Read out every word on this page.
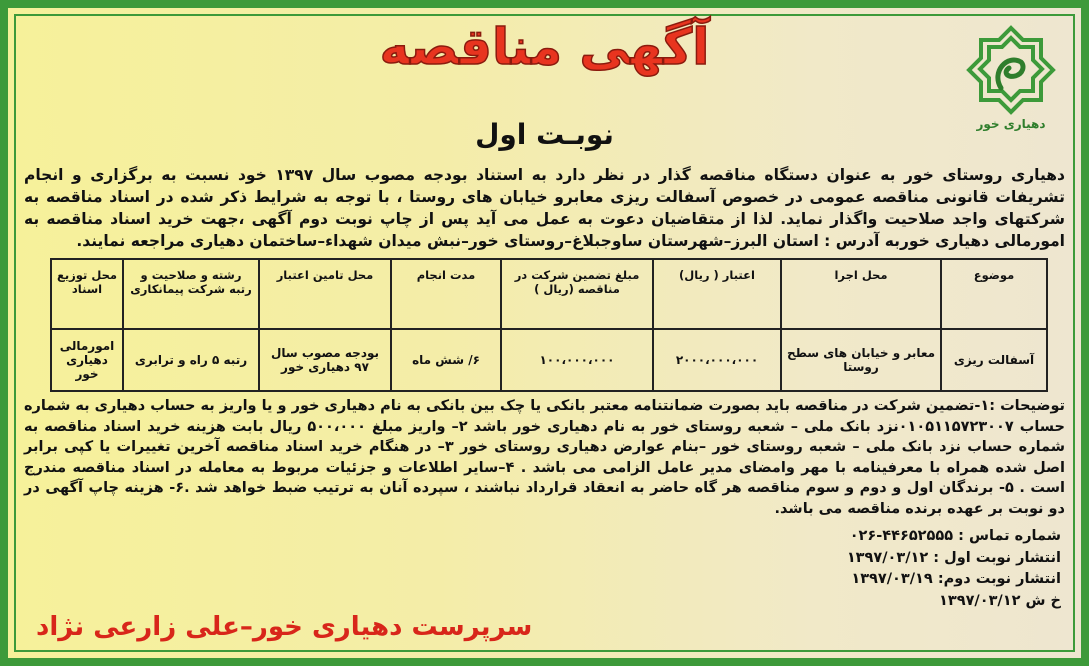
دهیاری خور
آگهی مناقصه
نوبـت اول
دهیاری روستای خور به عنوان دستگاه مناقصه گذار در نظر دارد به استناد بودجه مصوب سال ۱۳۹۷ خود نسبت به برگزاری و انجام تشریفات قانونی مناقصه عمومی در خصوص آسفالت ریزی معابرو خیابان های روستا ، با توجه به شرایط ذکر شده در اسناد مناقصه به شرکتهای واجد صلاحیت واگذار نماید. لذا از متقاضیان دعوت به عمل می آید پس از چاپ نوبت دوم آگهی ،جهت خرید اسناد مناقصه به امورمالی دهیاری خوربه آدرس : استان البرز–شهرستان ساوجبلاغ–روستای خور–نبش میدان شهداء–ساختمان دهیاری مراجعه نمایند.
موضوع	محل اجرا	اعتبار ( ریال)	مبلغ تضمین شرکت در مناقصه (ریال )	مدت انجام	محل تامین اعتبار	رشته و صلاحیت و رتبه شرکت پیمانکاری	محل توزیع اسناد
آسفالت ریزی	معابر و خیابان های سطح روستا	۲۰۰۰،۰۰۰،۰۰۰	۱۰۰،۰۰۰،۰۰۰	۶/ شش ماه	بودجه مصوب سال ۹۷ دهیاری خور	رتبه ۵ راه و ترابری	امورمالی دهیاری خور
توضیحات :۱-تضمین شرکت در مناقصه باید بصورت ضمانتنامه معتبر بانکی یا چک بین بانکی به نام دهیاری خور و یا واریز به حساب دهیاری به شماره حساب ۰۱۰۵۱۱۵۷۲۳۰۰۷نزد بانک ملی – شعبه روستای خور به نام دهیاری خور باشد ۲– واریز مبلغ ۵۰۰،۰۰۰ ریال بابت هزینه خرید اسناد مناقصه به شماره حساب نزد بانک ملی – شعبه روستای خور –بنام عوارض دهیاری روستای خور ۳– در هنگام خرید اسناد مناقصه آخرین تغییرات یا کپی برابر اصل شده همراه با معرفینامه با مهر وامضای مدیر عامل الزامی می باشد . ۴–سایر اطلاعات و جزئیات مربوط به معامله در اسناد مناقصه مندرج است . ۵- برندگان اول و دوم و سوم مناقصه هر گاه حاضر به انعقاد قرارداد نباشند ، سپرده آنان به ترتیب ضبط خواهد شد .۶- هزینه چاپ آگهی در دو نوبت بر عهده برنده مناقصه می باشد.
شماره تماس : ۴۴۶۵۲۵۵۵-۰۲۶
انتشار نوبت اول : ۱۳۹۷/۰۳/۱۲
انتشار نوبت دوم: ۱۳۹۷/۰۳/۱۹
خ ش ۱۳۹۷/۰۳/۱۲
سرپرست دهیاری خور–علی زارعی نژاد
